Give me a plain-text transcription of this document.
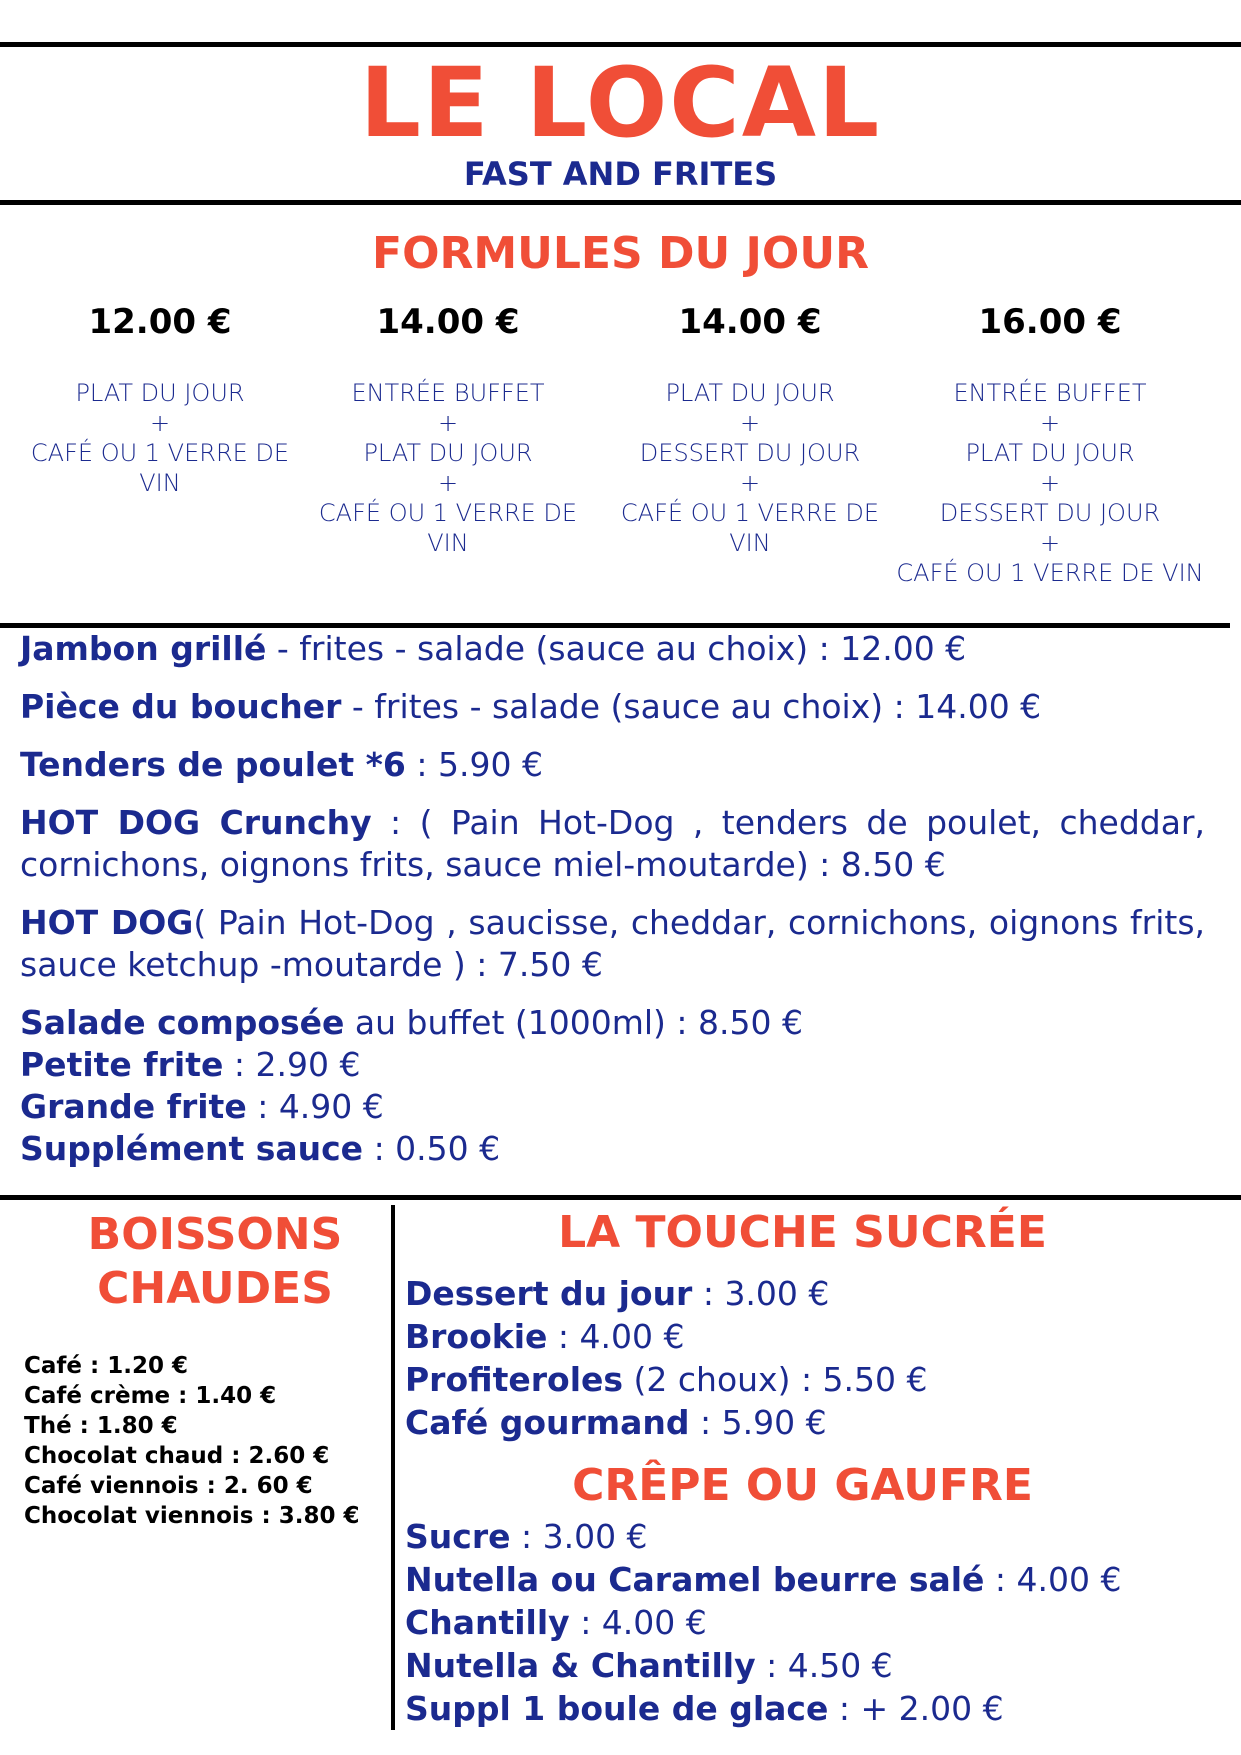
LE LOCAL
FAST AND FRITES
FORMULES DU JOUR
12.00 €
PLAT DU JOUR
+
CAFÉ OU 1 VERRE DE
VIN
14.00 €
ENTRÉE BUFFET
+
PLAT DU JOUR
+
CAFÉ OU 1 VERRE DE
VIN
14.00 €
PLAT DU JOUR
+
DESSERT DU JOUR
+
CAFÉ OU 1 VERRE DE VIN
16.00 €
ENTRÉE BUFFET
+
PLAT DU JOUR
+
DESSERT DU JOUR
+
CAFÉ OU 1 VERRE DE VIN

Jambon grillé - frites - salade (sauce au choix) : 12.00 €

Pièce du boucher - frites - salade (sauce au choix) : 14.00 €

Tenders de poulet *6 : 5.90 €

HOT DOG Crunchy : ( Pain Hot-Dog , tenders de poulet, cheddar, cornichons, oignons frits, sauce miel-moutarde) : 8.50 €

HOT DOG( Pain Hot-Dog , saucisse, cheddar, cornichons, oignons frits, sauce ketchup -moutarde ) : 7.50 €

Salade composée au buffet (1000ml) : 8.50 €

Petite frite : 2.90 €

Grande frite : 4.90 €

Supplément sauce : 0.50 €

BOISSONS
CHAUDES
Café : 1.20 €
Café crème : 1.40 €
Thé : 1.80 €
Chocolat chaud : 2.60 €
Café viennois : 2. 60 €
Chocolat viennois : 3.80 €
LA TOUCHE SUCRÉE
Dessert du jour : 3.00 €
Brookie : 4.00 €
Profiteroles (2 choux) : 5.50 €
Café gourmand : 5.90 €
CRÊPE OU GAUFRE
Sucre : 3.00 €
Nutella ou Caramel beurre salé : 4.00 €
Chantilly : 4.00 €
Nutella & Chantilly : 4.50 €
Suppl 1 boule de glace : + 2.00 €
